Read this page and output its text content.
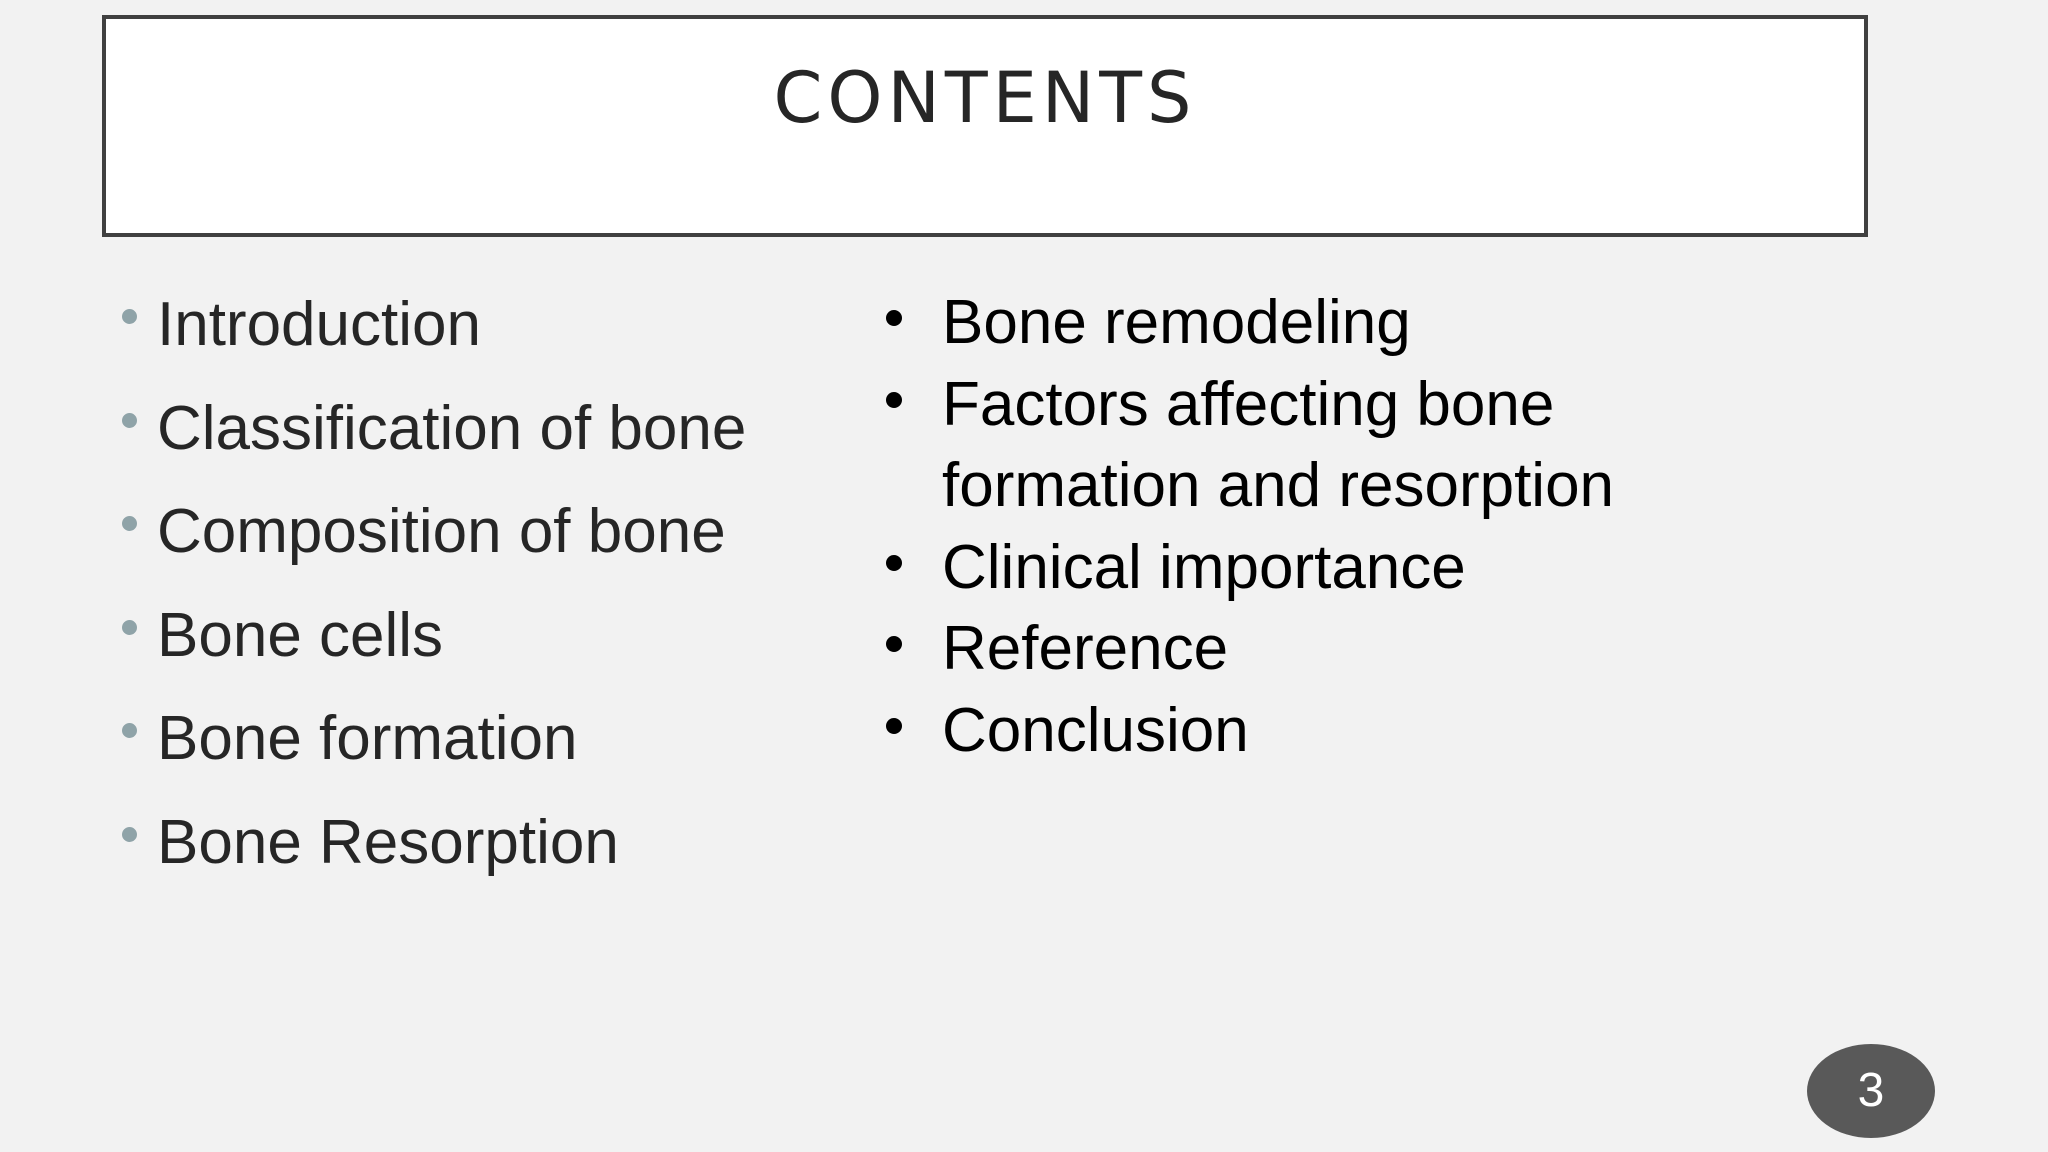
CONTENTS
Introduction
Classification of bone
Composition of bone
Bone cells
Bone formation
Bone Resorption
Bone remodeling
Factors affecting bone formation and resorption
Clinical importance
Reference
Conclusion
3
